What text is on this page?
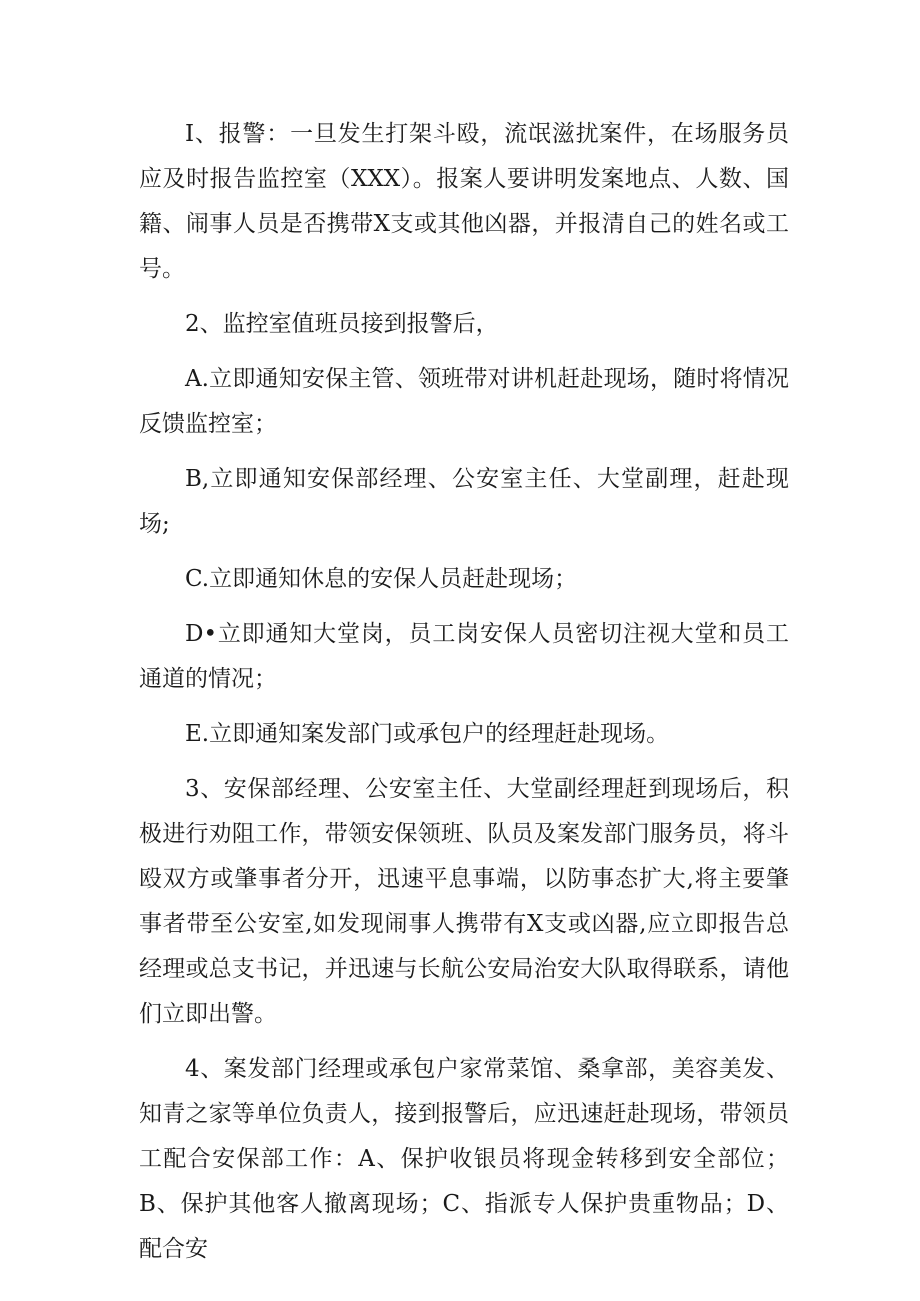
I、报警：一旦发生打架斗殴，流氓滋扰案件，在场服务员应及时报告监控室（XXX）。报案人要讲明发案地点、人数、国籍、闹事人员是否携带X支或其他凶器，并报清自己的姓名或工号。

2、监控室值班员接到报警后，

A.立即通知安保主管、领班带对讲机赶赴现场，随时将情况反馈监控室；

B,立即通知安保部经理、公安室主任、大堂副理，赶赴现场;

C.立即通知休息的安保人员赶赴现场；

D•立即通知大堂岗，员工岗安保人员密切注视大堂和员工通道的情况；

E.立即通知案发部门或承包户的经理赶赴现场。

3、安保部经理、公安室主任、大堂副经理赶到现场后，积极进行劝阻工作，带领安保领班、队员及案发部门服务员，将斗殴双方或肇事者分开，迅速平息事端，以防事态扩大,将主要肇事者带至公安室,如发现闹事人携带有X支或凶器,应立即报告总经理或总支书记，并迅速与长航公安局治安大队取得联系，请他们立即出警。

4、案发部门经理或承包户家常菜馆、桑拿部，美容美发、知青之家等单位负责人，接到报警后，应迅速赶赴现场，带领员工配合安保部工作：A、保护收银员将现金转移到安全部位；B、保护其他客人撤离现场；C、指派专人保护贵重物品；D、配合安
